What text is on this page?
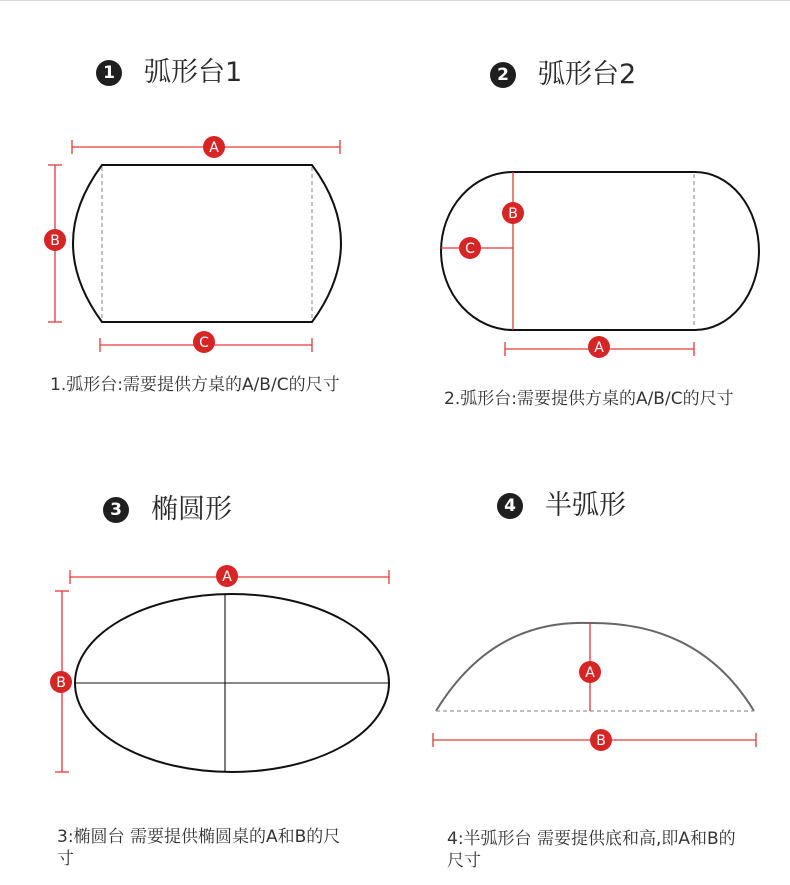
1 弧形台1	2 弧形台2
3 椭圆形	4 半弧形
1.弧形台:需要提供方桌的A/B/C的尺寸
2.弧形台:需要提供方桌的A/B/C的尺寸
3:椭圆台 需要提供椭圆桌的A和B的尺寸
4:半弧形台 需要提供底和高,即A和B的尺寸
A
B
C
B
C
A
A
B
A
B
